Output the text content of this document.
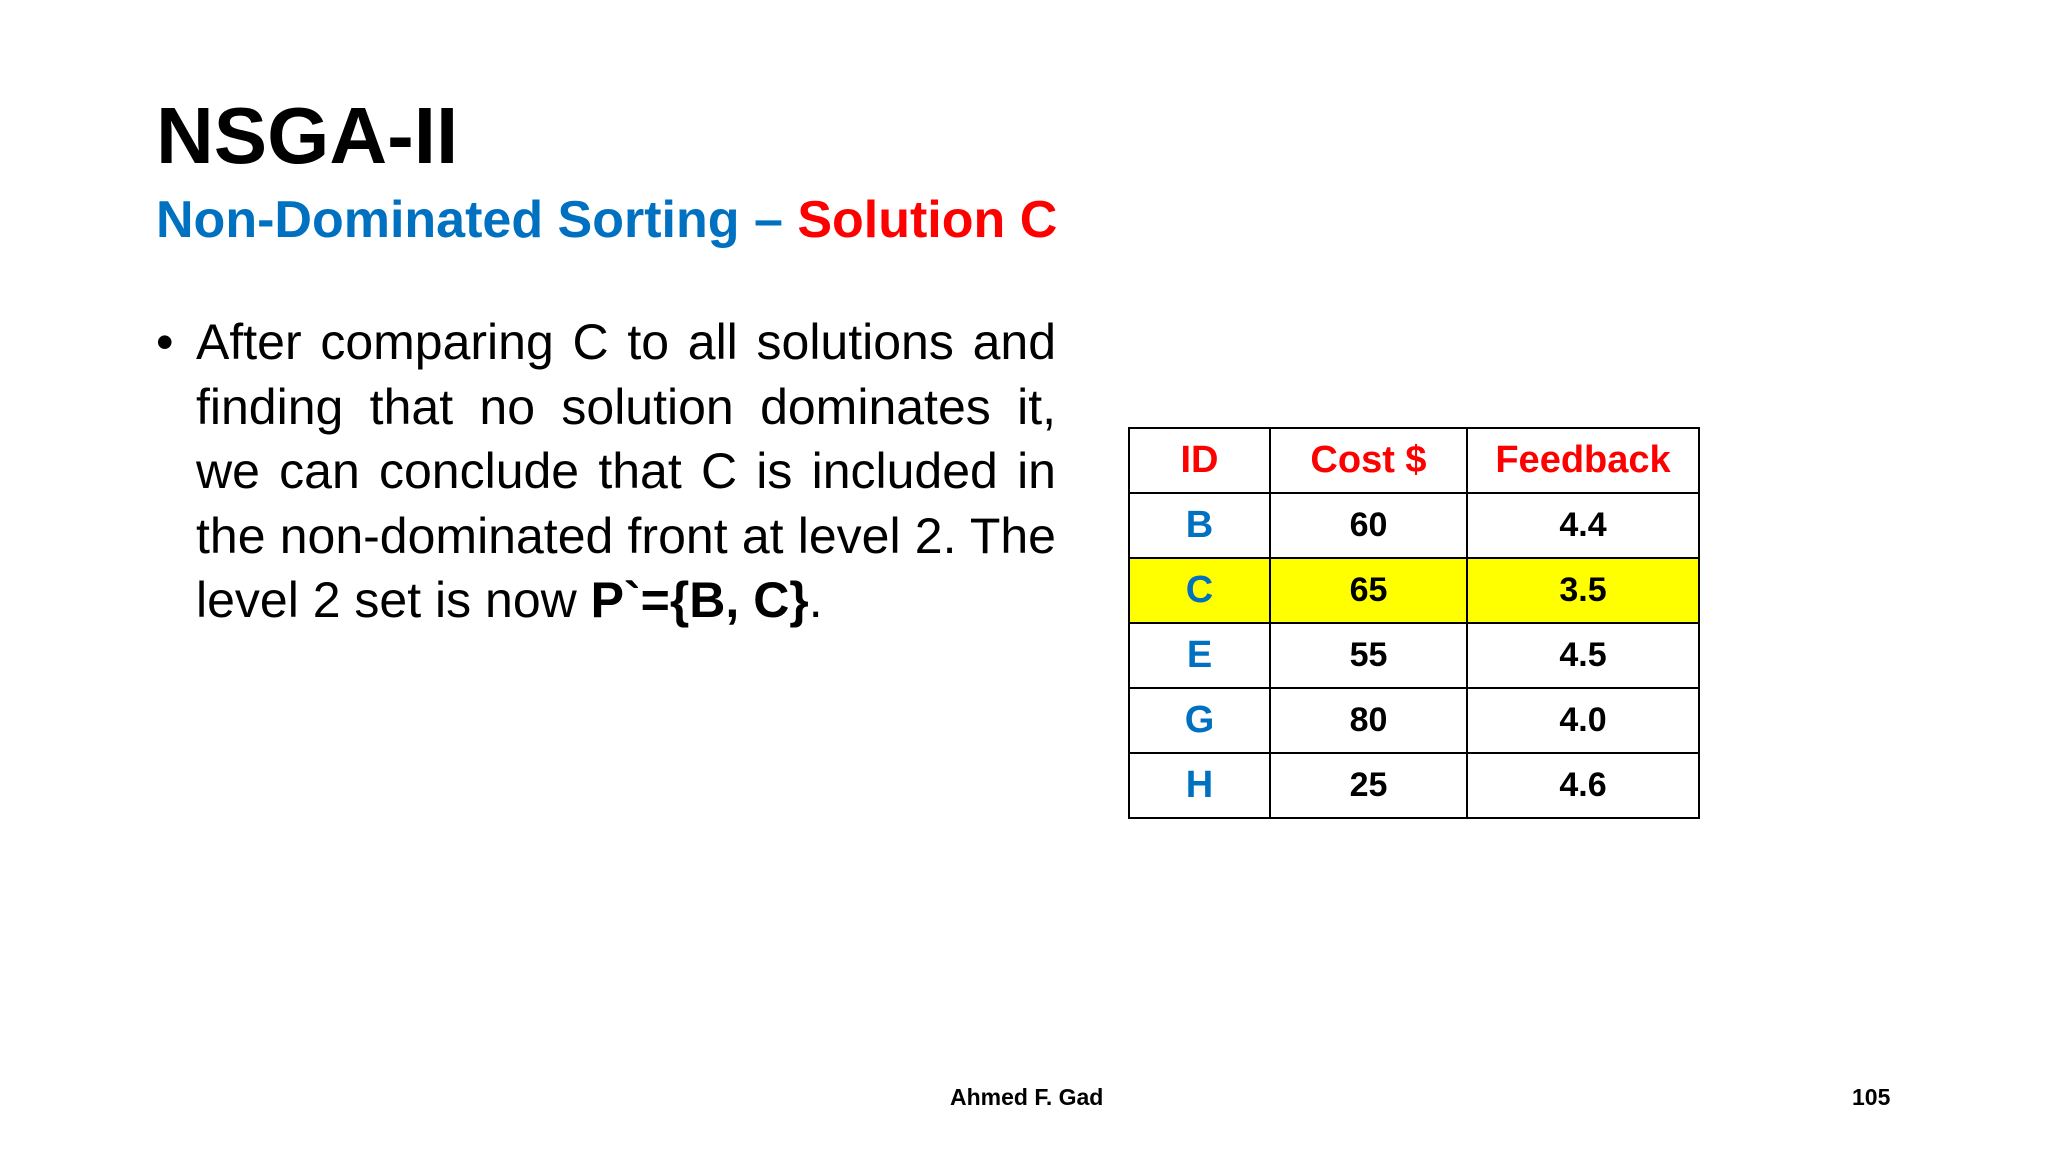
NSGA-II
Non-Dominated Sorting – Solution C
• After comparing C to all solutions and finding that no solution dominates it, we can conclude that C is included in the non-dominated front at level 2. The level 2 set is now P`={B, C}.
ID	Cost $	Feedback
B	60	4.4
C	65	3.5
E	55	4.5
G	80	4.0
H	25	4.6
Ahmed F. Gad	105
